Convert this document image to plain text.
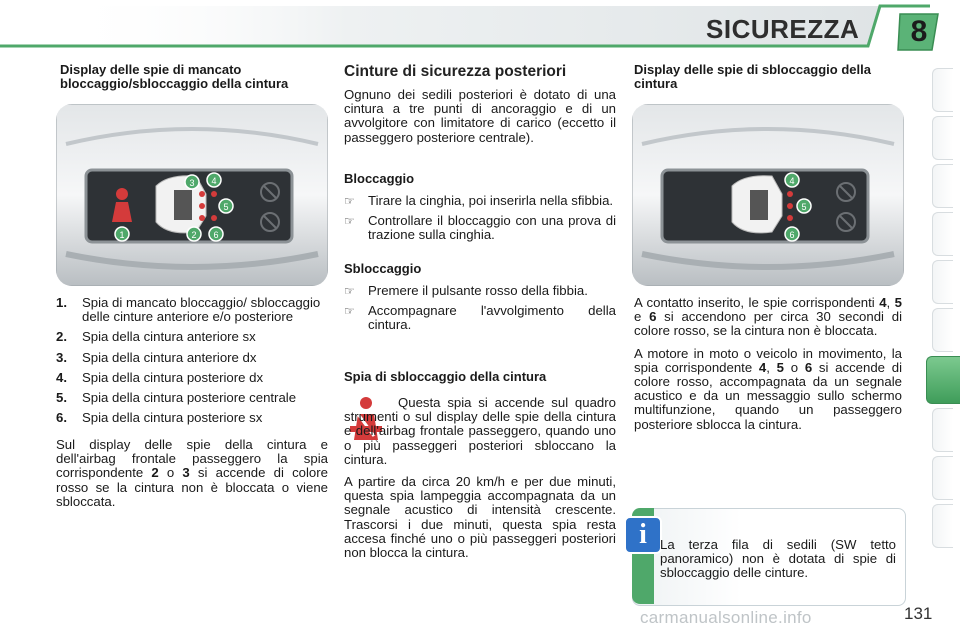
SICUREZZA	8
Display delle spie di mancato bloccaggio/sbloccaggio della cintura
3 4
5
1	2 6
1.	Spia di mancato bloccaggio/ sbloccaggio delle cinture anteriore e/o posteriore
2.	Spia della cintura anteriore sx
3.	Spia della cintura anteriore dx
4.	Spia della cintura posteriore dx
5.	Spia della cintura posteriore centrale
6.	Spia della cintura posteriore sx

Sul display delle spie della cintura e dell'airbag frontale passeggero la spia corrispondente 2 o 3 si accende di colore rosso se la cintura non è bloccata o viene sbloccata.

Cinture di sicurezza posteriori

Ognuno dei sedili posteriori è dotato di una cintura a tre punti di ancoraggio e di un avvolgitore con limitatore di carico (eccetto il passeggero posteriore centrale).

Bloccaggio
☞	Tirare la cinghia, poi inserirla nella sfibbia.
☞	Controllare il bloccaggio con una prova di trazione sulla cinghia.
Sbloccaggio
☞	Premere il pulsante rosso della fibbia.
☞	Accompagnare l'avvolgimento della cintura.
Spia di sbloccaggio della cintura

Questa spia si accende sul quadro strumenti o sul display delle spie della cintura e dell'airbag frontale passeggero, quando uno o più passeggeri posteriori sbloccano la cintura.

A partire da circa 20 km/h e per due minuti, questa spia lampeggia accompagnata da un segnale acustico di intensità crescente. Trascorsi i due minuti, questa spia resta accesa finché uno o più passeggeri posteriori non blocca la cintura.

Display delle spie di sbloccaggio della cintura
4
5
6

A contatto inserito, le spie corrispondenti 4, 5 e 6 si accendono per circa 30 secondi di colore rosso, se la cintura non è bloccata.

A motore in moto o veicolo in movimento, la spia corrispondente 4, 5 o 6 si accende di colore rosso, accompagnata da un segnale acustico e da un messaggio sullo schermo multifunzione, quando un passeggero posteriore sblocca la cintura.

i La terza fila di sedili (SW tetto panoramico) non è dotata di spie di sbloccaggio delle cinture.
carmanualsonline.info	131
